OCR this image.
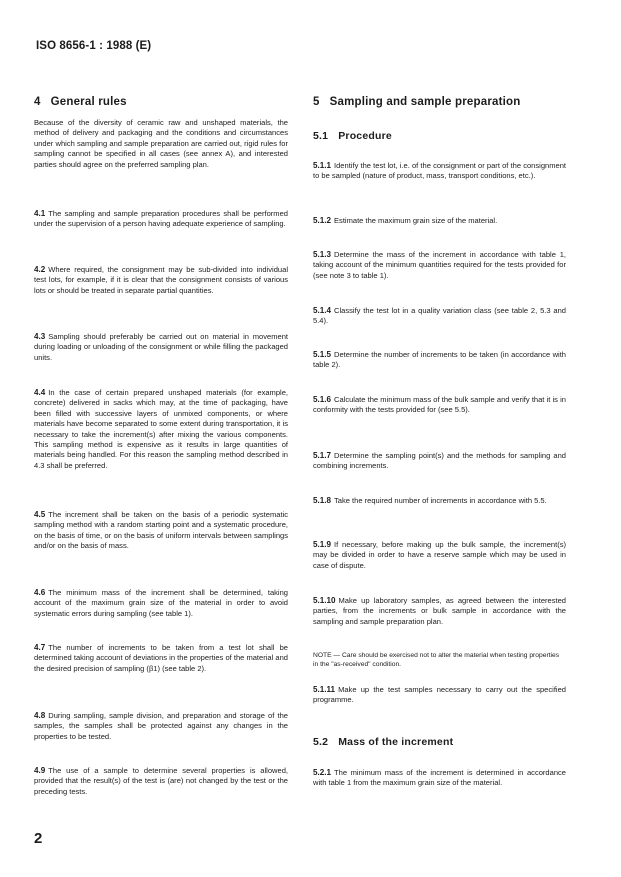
ISO 8656-1 : 1988 (E)
4 General rules

Because of the diversity of ceramic raw and unshaped materials, the method of delivery and packaging and the conditions and circumstances under which sampling and sample preparation are carried out, rigid rules for sampling cannot be specified in all cases (see annex A), and interested parties should agree on the preferred sampling plan.

4.1 The sampling and sample preparation procedures shall be performed under the supervision of a person having adequate experience of sampling.

4.2 Where required, the consignment may be sub-divided into individual test lots, for example, if it is clear that the consignment consists of various lots or should be treated in separate partial quantities.

4.3 Sampling should preferably be carried out on material in movement during loading or unloading of the consignment or while filling the packaged units.

4.4 In the case of certain prepared unshaped materials (for example, concrete) delivered in sacks which may, at the time of packaging, have been filled with successive layers of unmixed components, or where materials have become separated to some extent during transportation, it is necessary to take the increment(s) after mixing the various components. This sampling method is expensive as it results in large quantities of materials being handled. For this reason the sampling method described in 4.3 shall be preferred.

4.5 The increment shall be taken on the basis of a periodic systematic sampling method with a random starting point and a systematic procedure, on the basis of time, or on the basis of uniform intervals between samplings and/or on the basis of mass.

4.6 The minimum mass of the increment shall be determined, taking account of the maximum grain size of the material in order to avoid systematic errors during sampling (see table 1).

4.7 The number of increments to be taken from a test lot shall be determined taking account of deviations in the properties of the material and the desired precision of sampling (β1) (see table 2).

4.8 During sampling, sample division, and preparation and storage of the samples, the samples shall be protected against any changes in the properties to be tested.

4.9 The use of a sample to determine several properties is allowed, provided that the result(s) of the test is (are) not changed by the test or the preceding tests.

5 Sampling and sample preparation
5.1 Procedure

5.1.1 Identify the test lot, i.e. of the consignment or part of the consignment to be sampled (nature of product, mass, transport conditions, etc.).

5.1.2 Estimate the maximum grain size of the material.

5.1.3 Determine the mass of the increment in accordance with table 1, taking account of the minimum quantities required for the tests provided for (see note 3 to table 1).

5.1.4 Classify the test lot in a quality variation class (see table 2, 5.3 and 5.4).

5.1.5 Determine the number of increments to be taken (in accordance with table 2).

5.1.6 Calculate the minimum mass of the bulk sample and verify that it is in conformity with the tests provided for (see 5.5).

5.1.7 Determine the sampling point(s) and the methods for sampling and combining increments.

5.1.8 Take the required number of increments in accordance with 5.5.

5.1.9 If necessary, before making up the bulk sample, the increment(s) may be divided in order to have a reserve sample which may be used in case of dispute.

5.1.10 Make up laboratory samples, as agreed between the interested parties, from the increments or bulk sample in accordance with the sampling and sample preparation plan.

NOTE — Care should be exercised not to alter the material when testing properties in the "as-received" condition.

5.1.11 Make up the test samples necessary to carry out the specified programme.

5.2 Mass of the increment

5.2.1 The minimum mass of the increment is determined in accordance with table 1 from the maximum grain size of the material.

2
